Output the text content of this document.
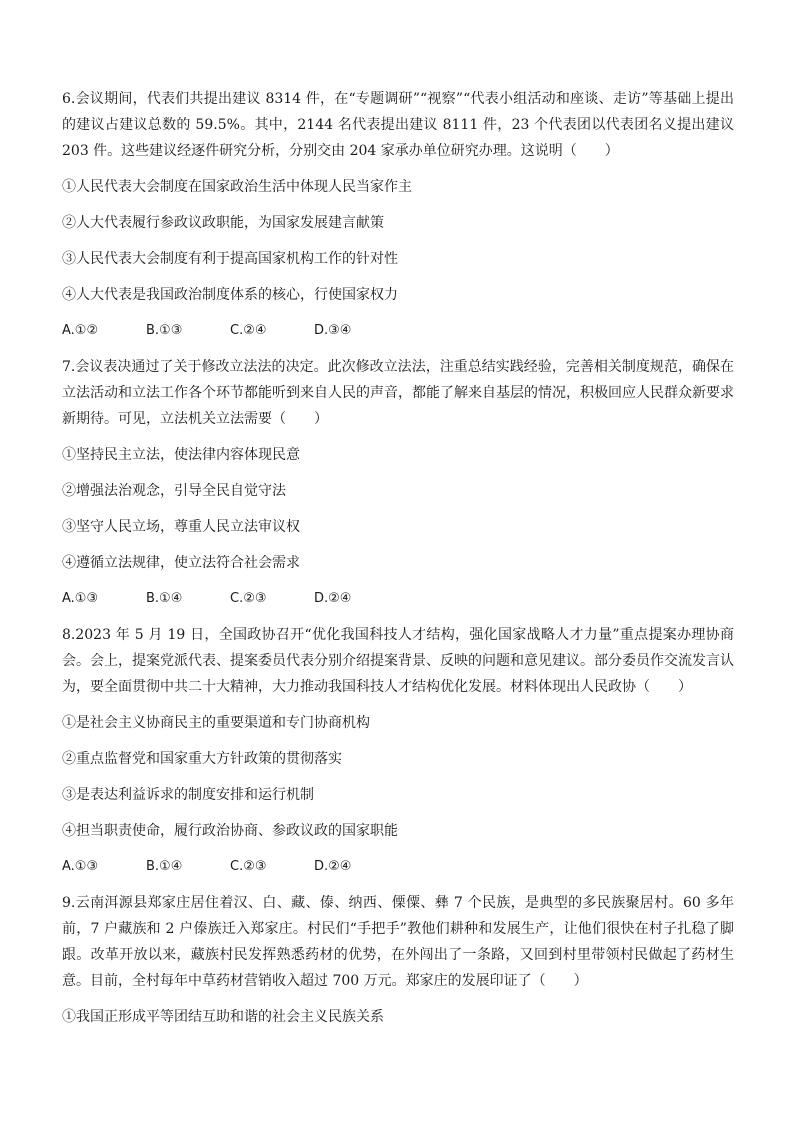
6.会议期间，代表们共提出建议 8314 件，在“专题调研”“视察”“代表小组活动和座谈、走访”等基础上提出的建议占建议总数的 59.5%。其中，2144 名代表提出建议 8111 件，23 个代表团以代表团名义提出建议 203 件。这些建议经逐件研究分析，分别交由 204 家承办单位研究办理。这说明（　　）

①人民代表大会制度在国家政治生活中体现人民当家作主

②人大代表履行参政议政职能，为国家发展建言献策

③人民代表大会制度有利于提高国家机构工作的针对性

④人大代表是我国政治制度体系的核心，行使国家权力

A.①②	B.①③	C.②④	D.③④

7.会议表决通过了关于修改立法法的决定。此次修改立法法，注重总结实践经验，完善相关制度规范，确保在立法活动和立法工作各个环节都能听到来自人民的声音，都能了解来自基层的情况，积极回应人民群众新要求新期待。可见，立法机关立法需要（　　）

①坚持民主立法，使法律内容体现民意

②增强法治观念，引导全民自觉守法

③坚守人民立场，尊重人民立法审议权

④遵循立法规律，使立法符合社会需求

A.①③	B.①④	C.②③	D.②④

8.2023 年 5 月 19 日，全国政协召开“优化我国科技人才结构，强化国家战略人才力量”重点提案办理协商会。会上，提案党派代表、提案委员代表分别介绍提案背景、反映的问题和意见建议。部分委员作交流发言认为，要全面贯彻中共二十大精神，大力推动我国科技人才结构优化发展。材料体现出人民政协（　　）

①是社会主义协商民主的重要渠道和专门协商机构

②重点监督党和国家重大方针政策的贯彻落实

③是表达利益诉求的制度安排和运行机制

④担当职责使命，履行政治协商、参政议政的国家职能

A.①③	B.①④	C.②③	D.②④

9.云南洱源县郑家庄居住着汉、白、藏、傣、纳西、傈僳、彝 7 个民族，是典型的多民族聚居村。60 多年前，7 户藏族和 2 户傣族迁入郑家庄。村民们“手把手”教他们耕种和发展生产，让他们很快在村子扎稳了脚跟。改革开放以来，藏族村民发挥熟悉药材的优势，在外闯出了一条路，又回到村里带领村民做起了药材生意。目前，全村每年中草药材营销收入超过 700 万元。郑家庄的发展印证了（　　）

①我国正形成平等团结互助和谐的社会主义民族关系
